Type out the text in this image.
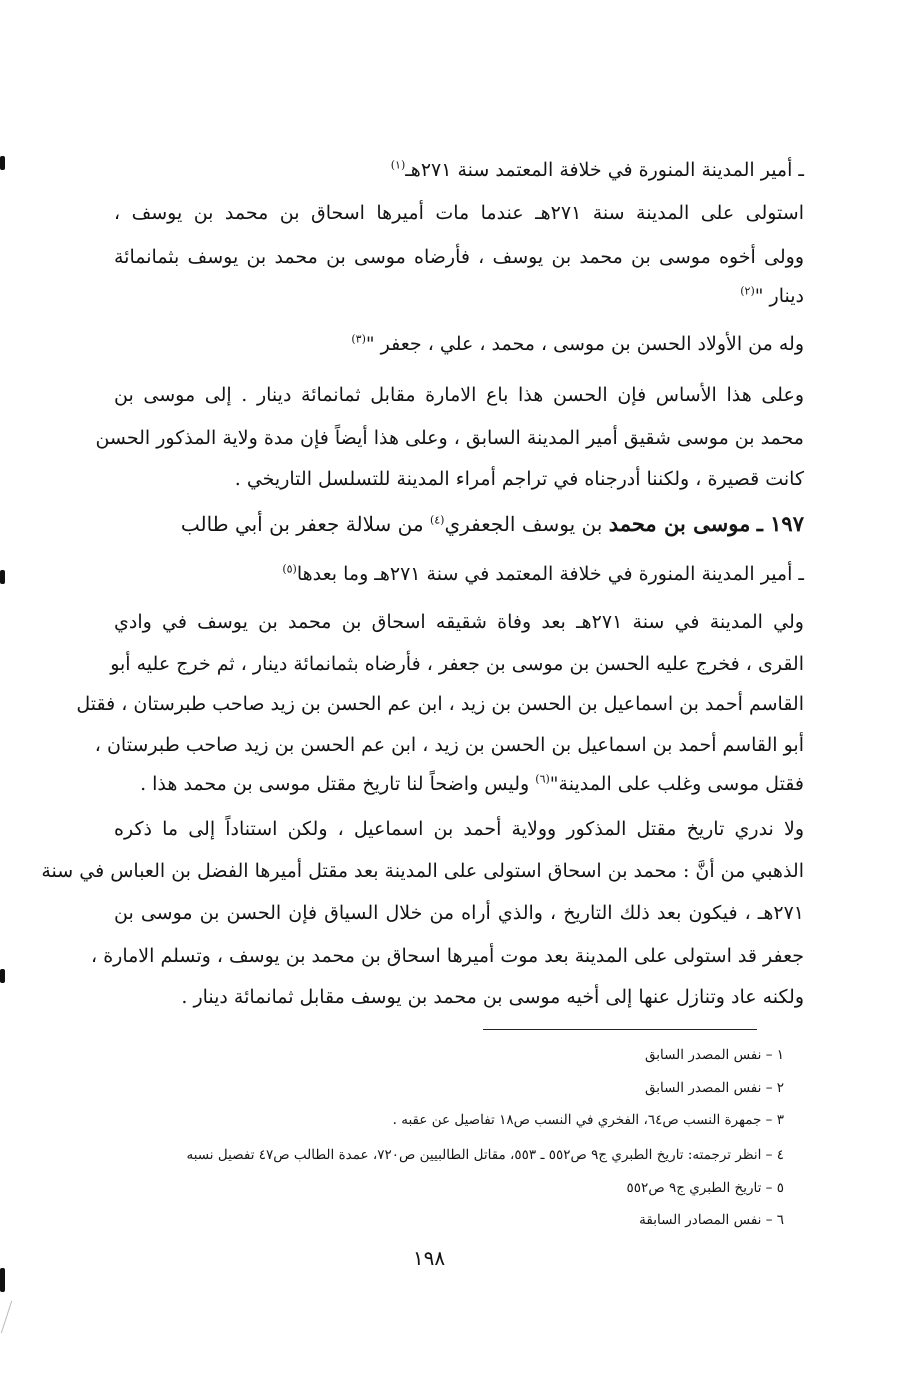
ـ أمير المدينة المنورة في خلافة المعتمد سنة ٢٧١هـ$^{(١)}$
استولى على المدينة سنة ٢٧١هـ عندما مات أميرها اسحاق بن محمد بن يوسف ،
وولى أخوه موسى بن محمد بن يوسف ، فأرضاه موسى بن محمد بن يوسف بثمانمائة
دينار "$^{(٢)}$
وله من الأولاد الحسن بن موسى ، محمد ، علي ، جعفر "$^{(٣)}$
وعلى هذا الأساس فإن الحسن هذا باع الامارة مقابل ثمانمائة دينار . إلى موسى بن
محمد بن موسى شقيق أمير المدينة السابق ، وعلى هذا أيضاً فإن مدة ولاية المذكور الحسن
كانت قصيرة ، ولكننا أدرجناه في تراجم أمراء المدينة للتسلسل التاريخي .
١٩٧ ـ موسى بن محمد بن يوسف الجعفري$^{(٤)}$ من سلالة جعفر بن أبي طالب
ـ أمير المدينة المنورة في خلافة المعتمد في سنة ٢٧١هـ وما بعدها$^{(٥)}$
ولي المدينة في سنة ٢٧١هـ بعد وفاة شقيقه اسحاق بن محمد بن يوسف في وادي
القرى ، فخرج عليه الحسن بن موسى بن جعفر ، فأرضاه بثمانمائة دينار ، ثم خرج عليه أبو
القاسم أحمد بن اسماعيل بن الحسن بن زيد ، ابن عم الحسن بن زيد صاحب طبرستان ، فقتل
أبو القاسم أحمد بن اسماعيل بن الحسن بن زيد ، ابن عم الحسن بن زيد صاحب طبرستان ،
فقتل موسى وغلب على المدينة"$^{(٦)}$ وليس واضحاً لنا تاريخ مقتل موسى بن محمد هذا .
ولا ندري تاريخ مقتل المذكور وولاية أحمد بن اسماعيل ، ولكن استناداً إلى ما ذكره
الذهبي من أنَّ : محمد بن اسحاق استولى على المدينة بعد مقتل أميرها الفضل بن العباس في سنة
٢٧١هـ ، فيكون بعد ذلك التاريخ ، والذي أراه من خلال السياق فإن الحسن بن موسى بن
جعفر قد استولى على المدينة بعد موت أميرها اسحاق بن محمد بن يوسف ، وتسلم الامارة ،
ولكنه عاد وتنازل عنها إلى أخيه موسى بن محمد بن يوسف مقابل ثمانمائة دينار .
١ – نفس المصدر السابق
٢ – نفس المصدر السابق
٣ – جمهرة النسب ص٦٤، الفخري في النسب ص١٨ تفاصيل عن عقبه .
٤ – انظر ترجمته: تاريخ الطبري ج٩ ص٥٥٢ ـ ٥٥٣، مقاتل الطالبيين ص٧٢٠، عمدة الطالب ص٤٧ تفصيل نسبه
٥ – تاريخ الطبري ج٩ ص٥٥٢
٦ – نفس المصادر السابقة
١٩٨
